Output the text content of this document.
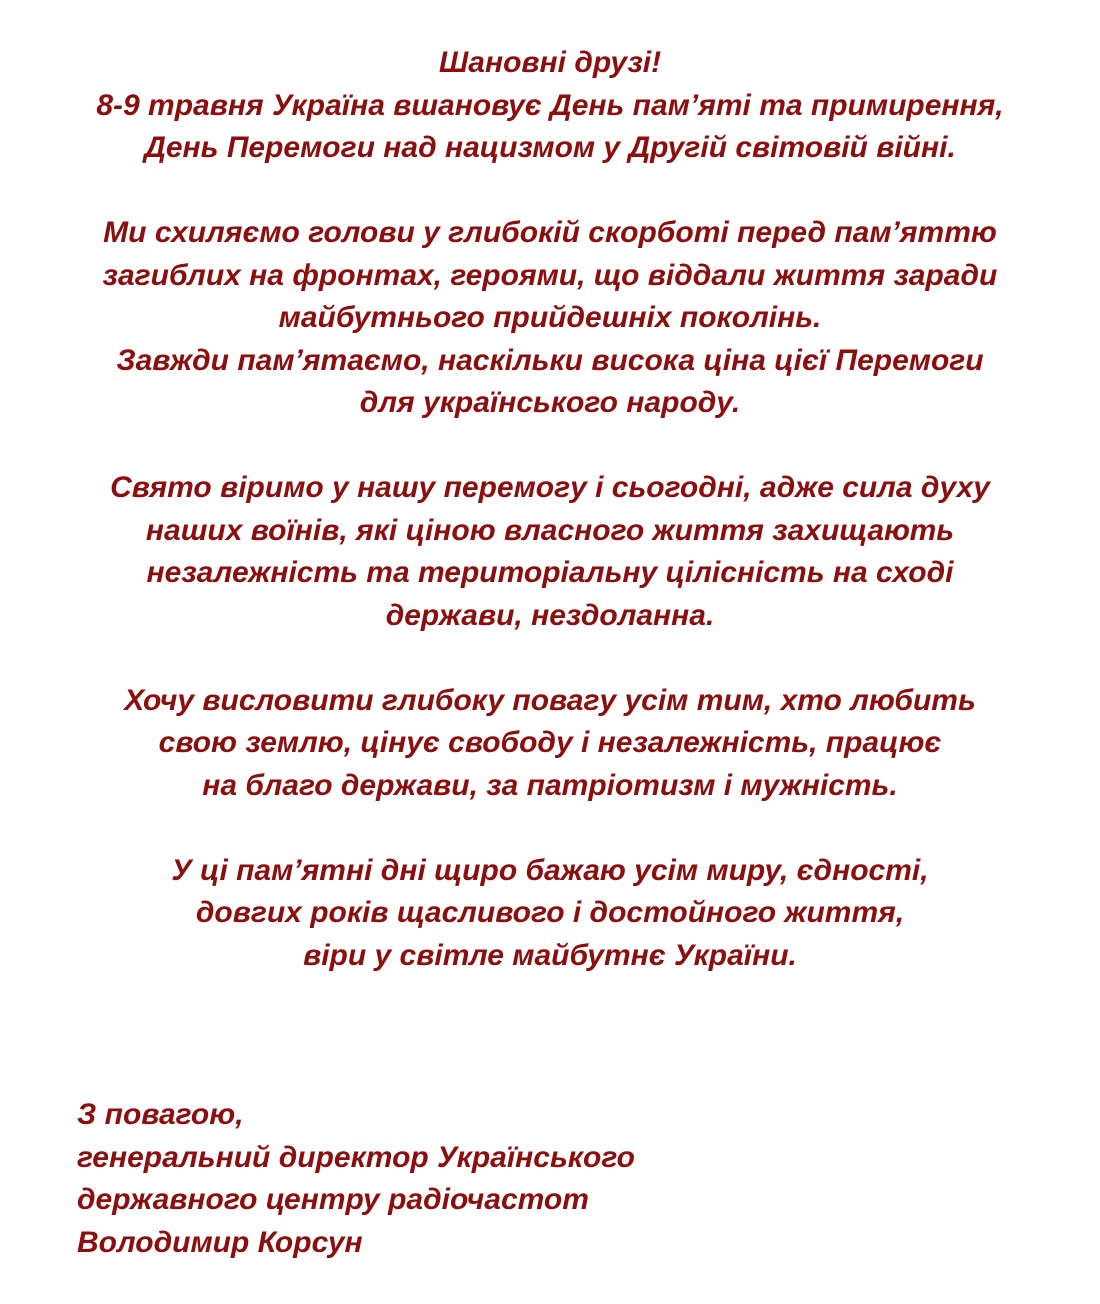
Шановні друзі!
8-9 травня Україна вшановує День пам’яті та примирення,
День Перемоги над нацизмом у Другій світовій війні.
Ми схиляємо голови у глибокій скорботі перед пам’яттю
загиблих на фронтах, героями, що віддали життя заради
майбутнього прийдешніх поколінь.
Завжди пам’ятаємо, наскільки висока ціна цієї Перемоги
для українського народу.
Свято віримо у нашу перемогу і сьогодні, адже сила духу
наших воїнів, які ціною власного життя захищають
незалежність та територіальну цілісність на сході
держави, нездоланна.
Хочу висловити глибоку повагу усім тим, хто любить
свою землю, цінує свободу і незалежність, працює
на благо держави, за патріотизм і мужність.
У ці пам’ятні дні щиро бажаю усім миру, єдності,
довгих років щасливого і достойного життя,
віри у світле майбутнє України.
З повагою,
генеральний директор Українського
державного центру радіочастот
Володимир Корсун
